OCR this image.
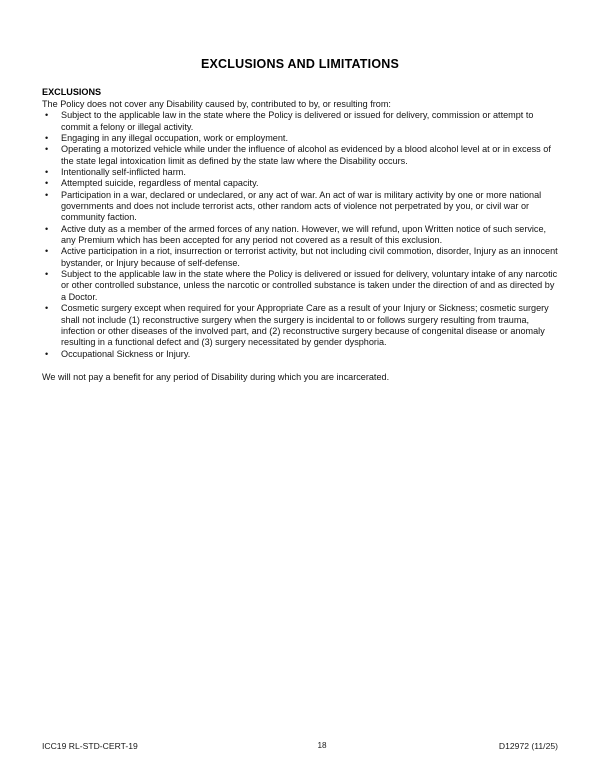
EXCLUSIONS AND LIMITATIONS

EXCLUSIONS

The Policy does not cover any Disability caused by, contributed to by, or resulting from:

•	Subject to the applicable law in the state where the Policy is delivered or issued for delivery, commission or attempt to commit a felony or illegal activity.
•	Engaging in any illegal occupation, work or employment.
•	Operating a motorized vehicle while under the influence of alcohol as evidenced by a blood alcohol level at or in excess of the state legal intoxication limit as defined by the state law where the Disability occurs.
•	Intentionally self-inflicted harm.
•	Attempted suicide, regardless of mental capacity.
•	Participation in a war, declared or undeclared, or any act of war. An act of war is military activity by one or more national governments and does not include terrorist acts, other random acts of violence not perpetrated by you, or civil war or community faction.
•	Active duty as a member of the armed forces of any nation. However, we will refund, upon Written notice of such service, any Premium which has been accepted for any period not covered as a result of this exclusion.
•	Active participation in a riot, insurrection or terrorist activity, but not including civil commotion, disorder, Injury as an innocent bystander, or Injury because of self-defense.
•	Subject to the applicable law in the state where the Policy is delivered or issued for delivery, voluntary intake of any narcotic or other controlled substance, unless the narcotic or controlled substance is taken under the direction of and as directed by a Doctor.
•	Cosmetic surgery except when required for your Appropriate Care as a result of your Injury or Sickness; cosmetic surgery shall not include (1) reconstructive surgery when the surgery is incidental to or follows surgery resulting from trauma, infection or other diseases of the involved part, and (2) reconstructive surgery because of congenital disease or anomaly resulting in a functional defect and (3) surgery necessitated by gender dysphoria.
•	Occupational Sickness or Injury.

We will not pay a benefit for any period of Disability during which you are incarcerated.

ICC19 RL-STD-CERT-19	18	D12972 (11/25)
